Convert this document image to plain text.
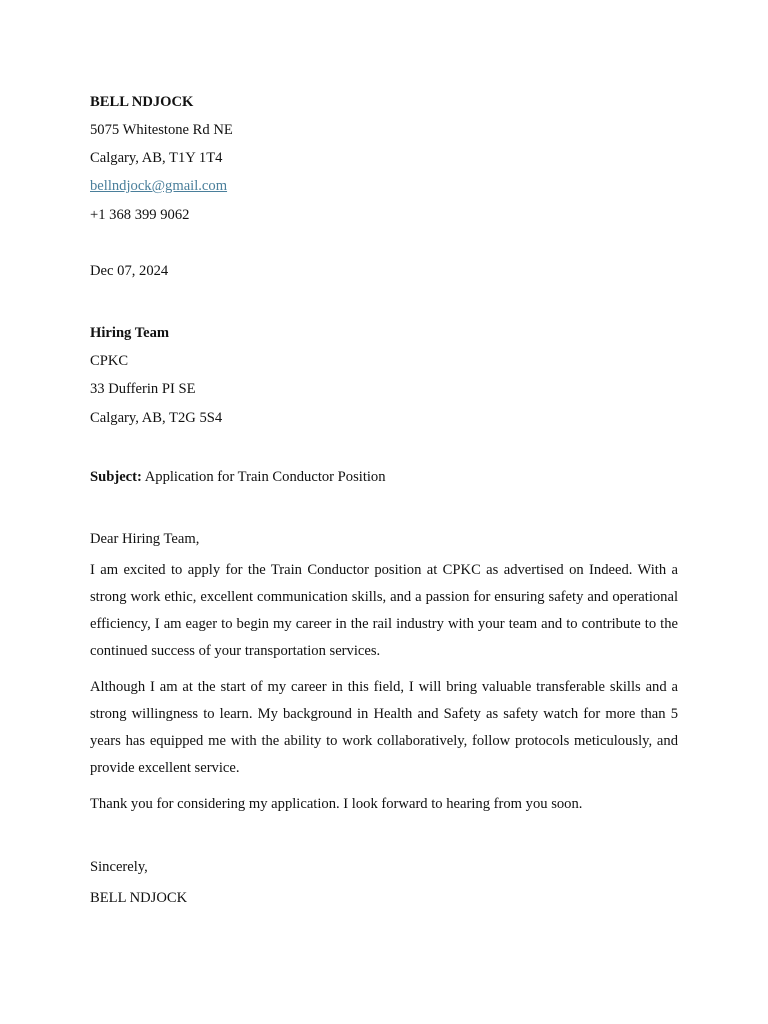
BELL NDJOCK
5075 Whitestone Rd NE
Calgary, AB, T1Y 1T4
bellndjock@gmail.com
+1 368 399 9062
Dec 07, 2024
Hiring Team
CPKC
33 Dufferin PI SE
Calgary, AB, T2G 5S4
Subject: Application for Train Conductor Position
Dear Hiring Team,
I am excited to apply for the Train Conductor position at CPKC as advertised on Indeed. With a strong work ethic, excellent communication skills, and a passion for ensuring safety and operational efficiency, I am eager to begin my career in the rail industry with your team and to contribute to the continued success of your transportation services.
Although I am at the start of my career in this field, I will bring valuable transferable skills and a strong willingness to learn. My background in Health and Safety as safety watch for more than 5 years has equipped me with the ability to work collaboratively, follow protocols meticulously, and provide excellent service.
Thank you for considering my application. I look forward to hearing from you soon.
Sincerely,
BELL NDJOCK
